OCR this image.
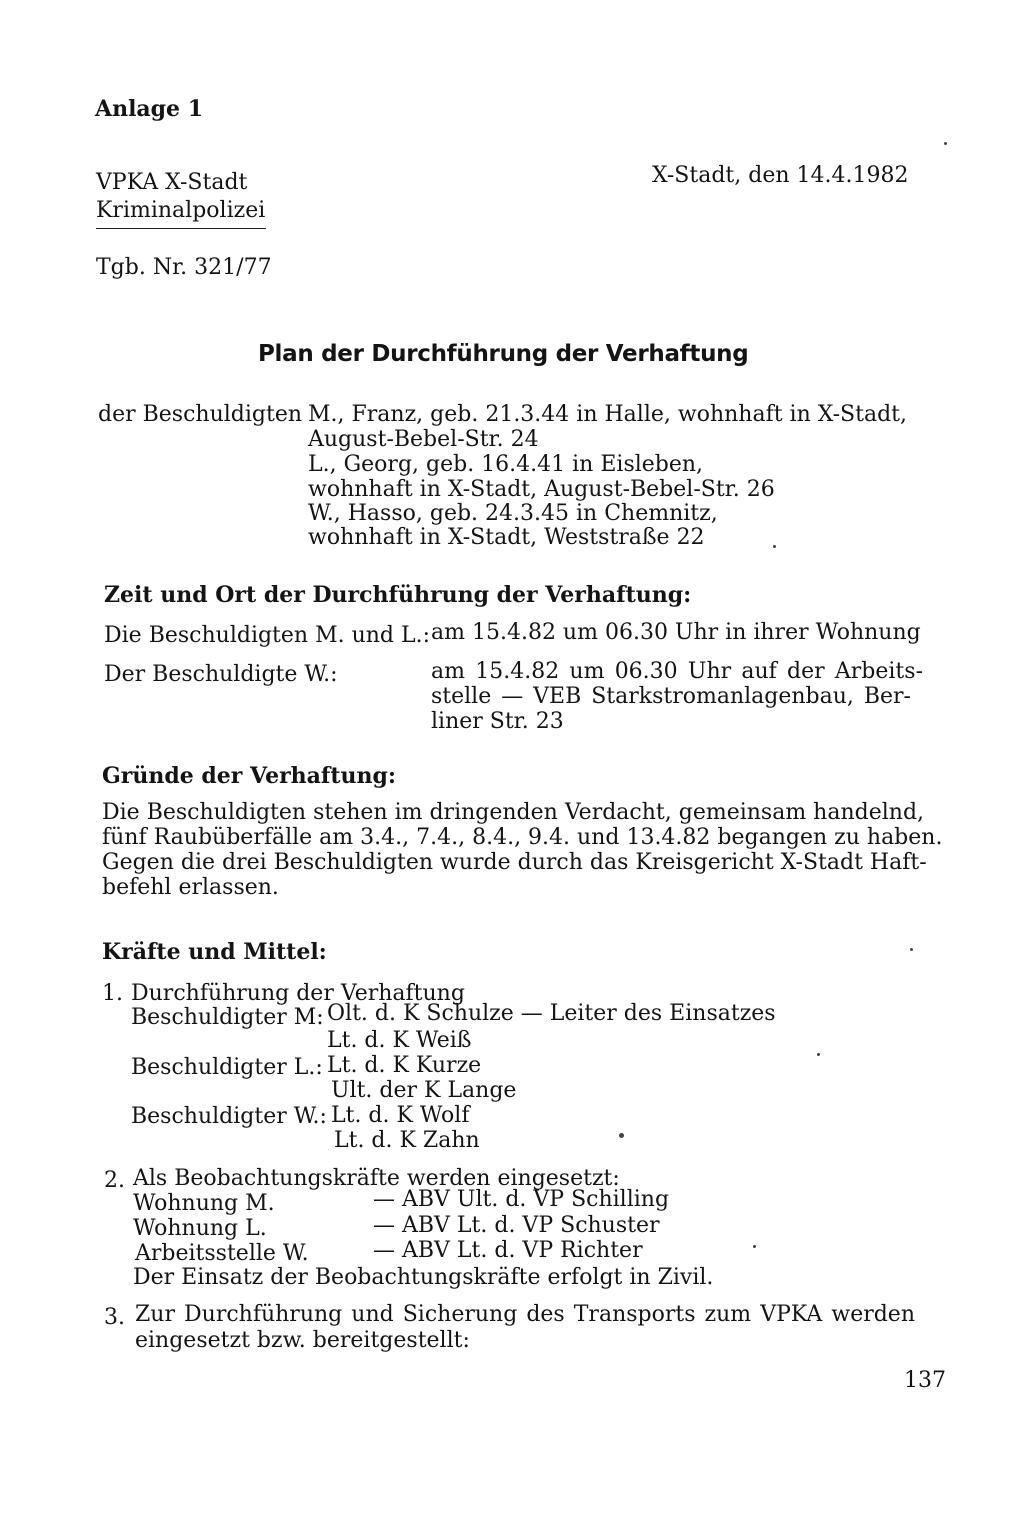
Anlage 1
VPKA X-Stadt
Kriminalpolizei
X-Stadt, den 14.4.1982
Tgb. Nr. 321/77
Plan der Durchführung der Verhaftung
der Beschuldigten M., Franz, geb. 21.3.44 in Halle, wohnhaft in X-Stadt,
August-Bebel-Str. 24
L., Georg, geb. 16.4.41 in Eisleben,
wohnhaft in X-Stadt, August-Bebel-Str. 26
W., Hasso, geb. 24.3.45 in Chemnitz,
wohnhaft in X-Stadt, Weststraße 22
Zeit und Ort der Durchführung der Verhaftung:
Die Beschuldigten M. und L.: am 15.4.82 um 06.30 Uhr in ihrer Wohnung
Der Beschuldigte W.:	am 15.4.82 um 06.30 Uhr auf der Arbeits-
stelle — VEB Starkstromanlagenbau, Ber-
liner Str. 23
Gründe der Verhaftung:
Die Beschuldigten stehen im dringenden Verdacht, gemeinsam handelnd,
fünf Raubüberfälle am 3.4., 7.4., 8.4., 9.4. und 13.4.82 begangen zu haben.
Gegen die drei Beschuldigten wurde durch das Kreisgericht X-Stadt Haft-
befehl erlassen.
Kräfte und Mittel:
1. Durchführung der Verhaftung
Beschuldigter M: Olt. d. K Schulze — Leiter des Einsatzes
Lt. d. K Weiß
Beschuldigter L.: Lt. d. K Kurze
Ult. der K Lange
Beschuldigter W.: Lt. d. K Wolf
Lt. d. K Zahn
2. Als Beobachtungskräfte werden eingesetzt:
Wohnung M.	— ABV Ult. d. VP Schilling
Wohnung L.	— ABV Lt. d. VP Schuster
Arbeitsstelle W.	— ABV Lt. d. VP Richter
Der Einsatz der Beobachtungskräfte erfolgt in Zivil.
3. Zur Durchführung und Sicherung des Transports zum VPKA werden
eingesetzt bzw. bereitgestellt:
137
